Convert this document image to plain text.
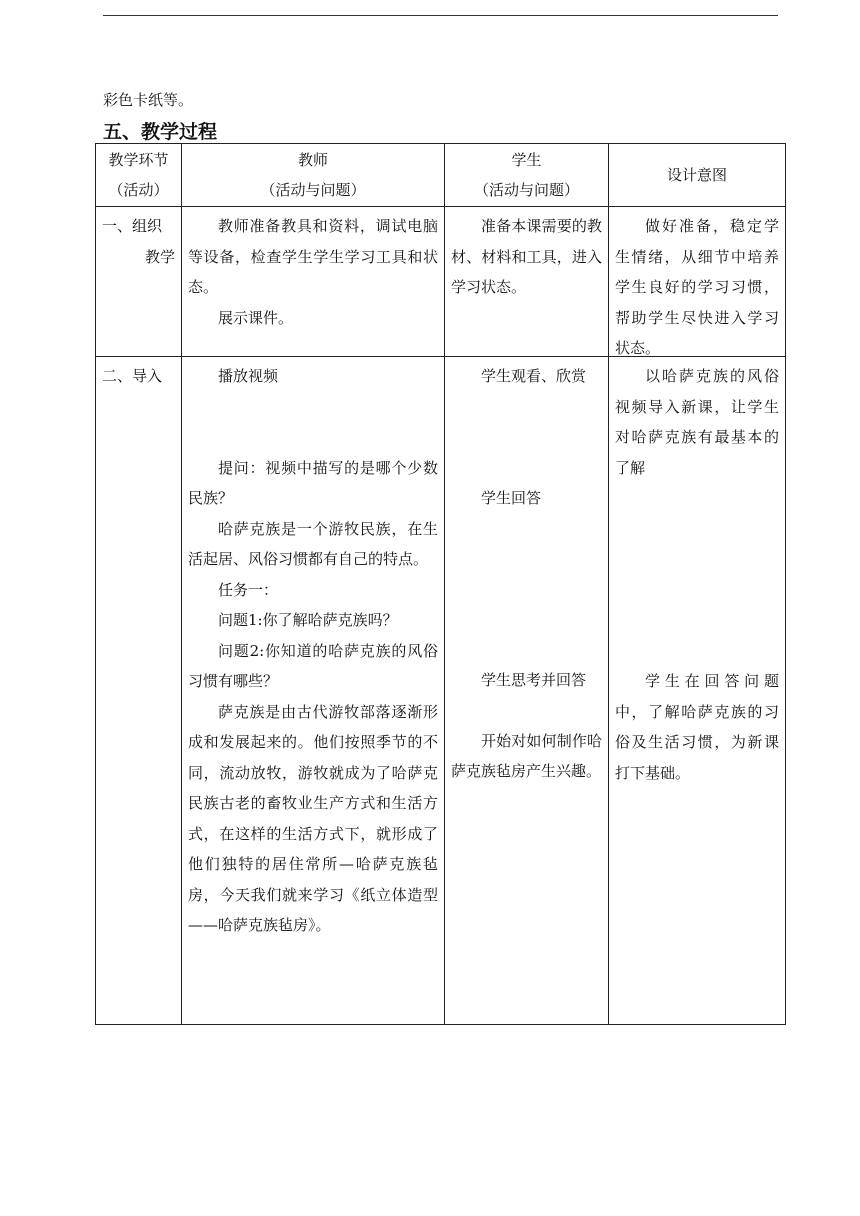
彩色卡纸等。
五、教学过程
教学环节
（活动）
教师
（活动与问题）
学生
（活动与问题）
设计意图
一、组织
教学

教师准备教具和资料，调试电脑等设备，检查学生学生学习工具和状态。

展示课件。

准备本课需要的教材、材料和工具，进入学习状态。

做好准备，稳定学生情绪，从细节中培养学生良好的学习习惯，帮助学生尽快进入学习状态。

二、导入	播放视频

提问：视频中描写的是哪个少数民族？

哈萨克族是一个游牧民族，在生活起居、风俗习惯都有自己的特点。

任务一：

问题1:你了解哈萨克族吗？

问题2:你知道的哈萨克族的风俗习惯有哪些？

萨克族是由古代游牧部落逐渐形成和发展起来的。他们按照季节的不同，流动放牧，游牧就成为了哈萨克民族古老的畜牧业生产方式和生活方式，在这样的生活方式下，就形成了他们独特的居住常所—哈萨克族毡房，今天我们就来学习《纸立体造型——哈萨克族毡房》。

学生观看、欣赏

学生回答

学生思考并回答

开始对如何制作哈萨克族毡房产生兴趣。

以哈萨克族的风俗视频导入新课，让学生对哈萨克族有最基本的了解

学生在回答问题中，了解哈萨克族的习俗及生活习惯，为新课打下基础。
